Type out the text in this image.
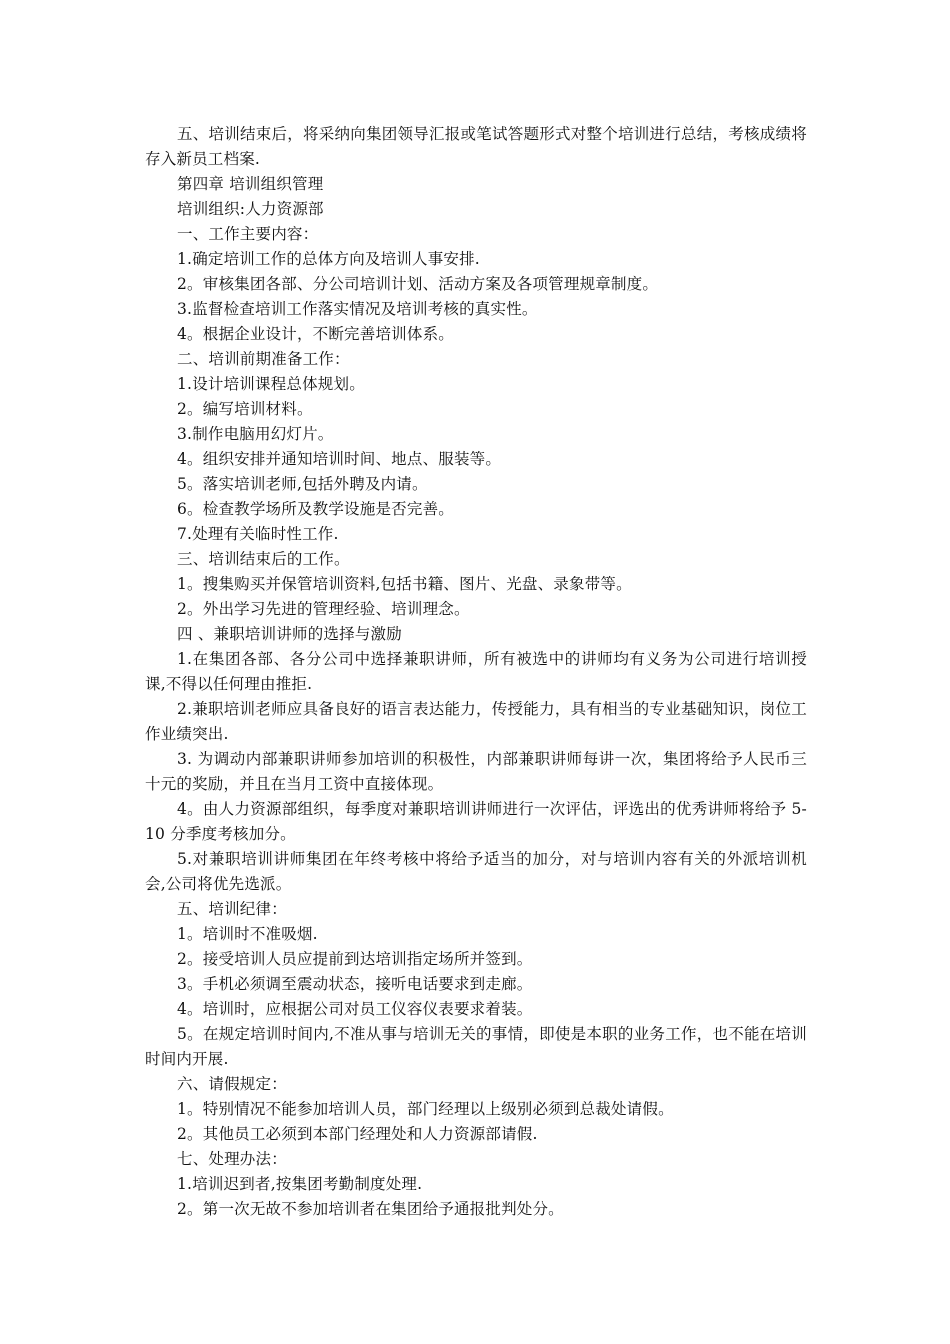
五、培训结束后，将采纳向集团领导汇报或笔试答题形式对整个培训进行总结，考核成绩将存入新员工档案.

第四章 培训组织管理

培训组织:人力资源部

一、工作主要内容：

1.确定培训工作的总体方向及培训人事安排.

2。审核集团各部、分公司培训计划、活动方案及各项管理规章制度。

3.监督检查培训工作落实情况及培训考核的真实性。

4。根据企业设计，不断完善培训体系。

二、培训前期准备工作：

1.设计培训课程总体规划。

2。编写培训材料。

3.制作电脑用幻灯片。

4。组织安排并通知培训时间、地点、服装等。

5。落实培训老师,包括外聘及内请。

6。检查教学场所及教学设施是否完善。

7.处理有关临时性工作.

三、培训结束后的工作。

1。搜集购买并保管培训资料,包括书籍、图片、光盘、录象带等。

2。外出学习先进的管理经验、培训理念。

四 、兼职培训讲师的选择与激励

1.在集团各部、各分公司中选择兼职讲师，所有被选中的讲师均有义务为公司进行培训授课,不得以任何理由推拒.

2.兼职培训老师应具备良好的语言表达能力，传授能力，具有相当的专业基础知识，岗位工作业绩突出.

3. 为调动内部兼职讲师参加培训的积极性，内部兼职讲师每讲一次，集团将给予人民币三十元的奖励，并且在当月工资中直接体现。

4。由人力资源部组织，每季度对兼职培训讲师进行一次评估，评选出的优秀讲师将给予 5-10 分季度考核加分。

5.对兼职培训讲师集团在年终考核中将给予适当的加分，对与培训内容有关的外派培训机会,公司将优先选派。

五、培训纪律：

1。培训时不准吸烟.

2。接受培训人员应提前到达培训指定场所并签到。

3。手机必须调至震动状态，接听电话要求到走廊。

4。培训时，应根据公司对员工仪容仪表要求着装。

5。在规定培训时间内,不准从事与培训无关的事情，即使是本职的业务工作，也不能在培训时间内开展.

六、请假规定：

1。特别情况不能参加培训人员，部门经理以上级别必须到总裁处请假。

2。其他员工必须到本部门经理处和人力资源部请假.

七、处理办法：

1.培训迟到者,按集团考勤制度处理.

2。第一次无故不参加培训者在集团给予通报批判处分。
